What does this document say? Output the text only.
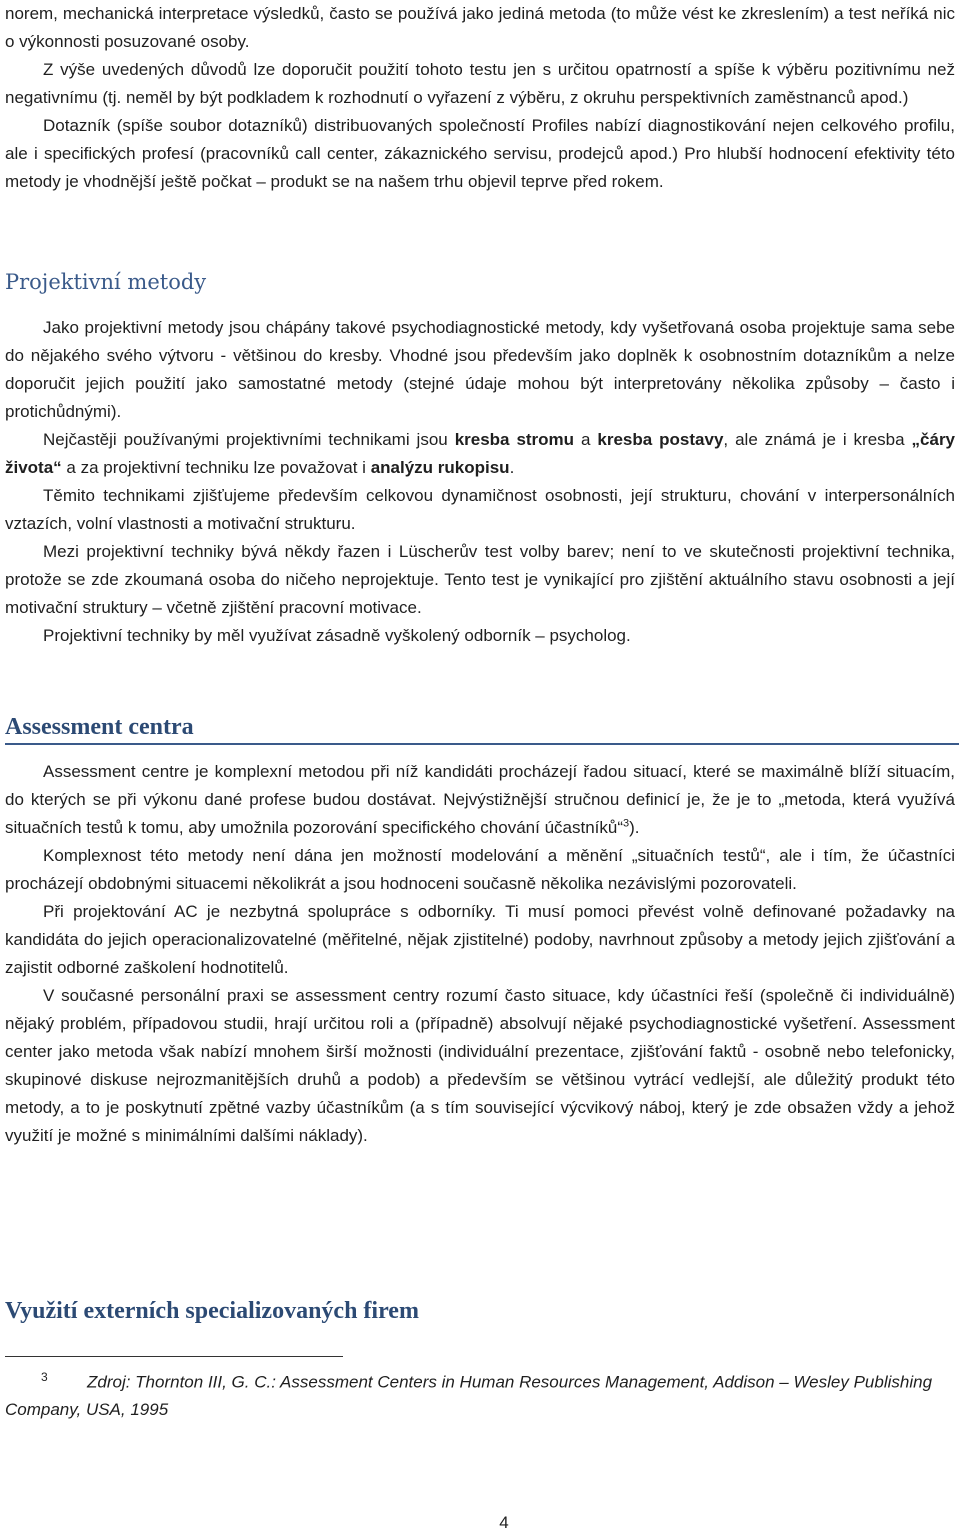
norem, mechanická interpretace výsledků, často se používá jako jediná metoda (to může vést ke zkreslením) a test neříká nic o výkonnosti posuzované osoby.

Z výše uvedených důvodů lze doporučit použití tohoto testu jen s určitou opatrností a spíše k výběru pozitivnímu než negativnímu (tj. neměl by být podkladem k rozhodnutí o vyřazení z výběru, z okruhu perspektivních zaměstnanců apod.)

Dotazník (spíše soubor dotazníků) distribuovaných společností Profiles nabízí diagnostikování nejen celkového profilu, ale i specifických profesí (pracovníků call center, zákaznického servisu, prodejců apod.) Pro hlubší hodnocení efektivity této metody je vhodnější ještě počkat – produkt se na našem trhu objevil teprve před rokem.

Projektivní metody

Jako projektivní metody jsou chápány takové psychodiagnostické metody, kdy vyšetřovaná osoba projektuje sama sebe do nějakého svého výtvoru - většinou do kresby. Vhodné jsou především jako doplněk k osobnostním dotazníkům a nelze doporučit jejich použití jako samostatné metody (stejné údaje mohou být interpretovány několika způsoby – často i protichůdnými).

Nejčastěji používanými projektivními technikami jsou kresba stromu a kresba postavy, ale známá je i kresba „čáry života“ a za projektivní techniku lze považovat i analýzu rukopisu.

Těmito technikami zjišťujeme především celkovou dynamičnost osobnosti, její strukturu, chování v interpersonálních vztazích, volní vlastnosti a motivační strukturu.

Mezi projektivní techniky bývá někdy řazen i Lüscherův test volby barev; není to ve skutečnosti projektivní technika, protože se zde zkoumaná osoba do ničeho neprojektuje. Tento test je vynikající pro zjištění aktuálního stavu osobnosti a její motivační struktury – včetně zjištění pracovní motivace.

Projektivní techniky by měl využívat zásadně vyškolený odborník – psycholog.

Assessment centra

Assessment centre je komplexní metodou při níž kandidáti procházejí řadou situací, které se maximálně blíží situacím, do kterých se při výkonu dané profese budou dostávat. Nejvýstižnější stručnou definicí je, že je to „metoda, která využívá situačních testů k tomu, aby umožnila pozorování specifického chování účastníků“$^3$).

Komplexnost této metody není dána jen možností modelování a měnění „situačních testů“, ale i tím, že účastníci procházejí obdobnými situacemi několikrát a jsou hodnoceni současně několika nezávislými pozorovateli.

Při projektování AC je nezbytná spolupráce s odborníky. Ti musí pomoci převést volně definované požadavky na kandidáta do jejich operacionalizovatelné (měřitelné, nějak zjistitelné) podoby, navrhnout způsoby a metody jejich zjišťování a zajistit odborné zaškolení hodnotitelů.

V současné personální praxi se assessment centry rozumí často situace, kdy účastníci řeší (společně či individuálně) nějaký problém, případovou studii, hrají určitou roli a (případně) absolvují nějaké psychodiagnostické vyšetření. Assessment center jako metoda však nabízí mnohem širší možnosti (individuální prezentace, zjišťování faktů - osobně nebo telefonicky, skupinové diskuse nejrozmanitějších druhů a podob) a především se většinou vytrácí vedlejší, ale důležitý produkt této metody, a to je poskytnutí zpětné vazby účastníkům (a s tím související výcvikový náboj, který je zde obsažen vždy a jehož využití je možné s minimálními dalšími náklady).

Využití externích specializovaných firem
$^3$ Zdroj: Thornton III, G. C.: Assessment Centers in Human Resources Management, Addison – Wesley Publishing Company, USA, 1995
4
